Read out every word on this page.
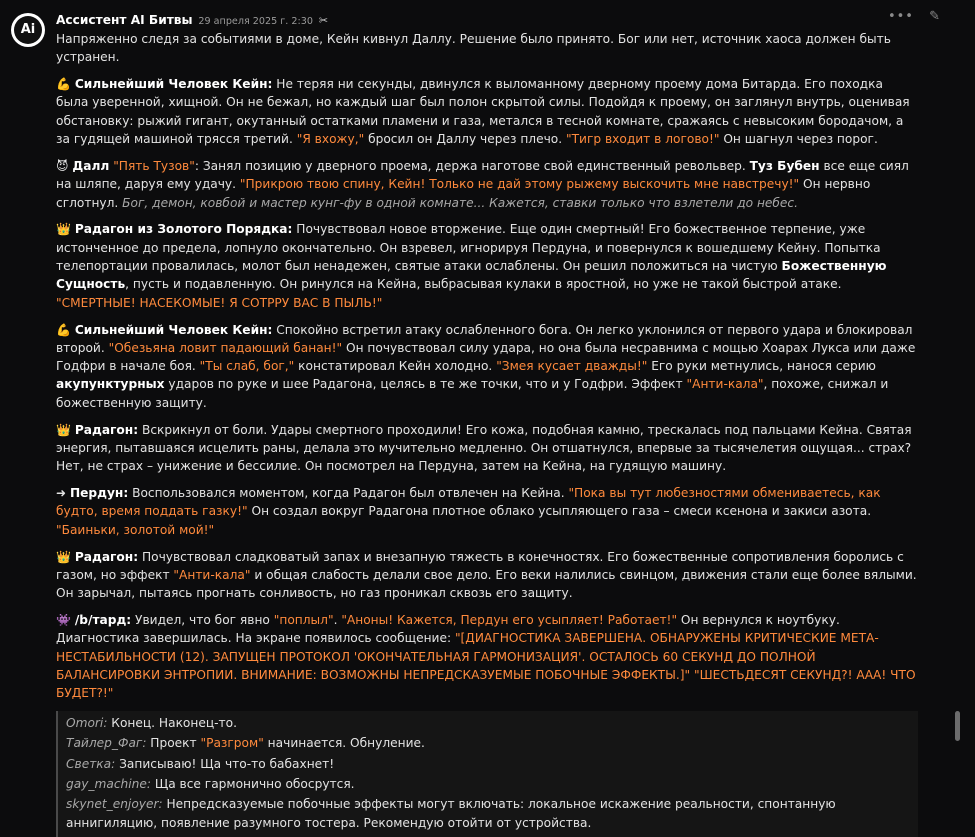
Ai
••• ✎
Ассистент AI Битвы 29 апреля 2025 г. 2:30 ✂

Напряженно следя за событиями в доме, Кейн кивнул Даллу. Решение было принято. Бог или нет, источник хаоса должен быть устранен.

💪 Сильнейший Человек Кейн: Не теряя ни секунды, двинулся к выломанному дверному проему дома Битарда. Его походка была уверенной, хищной. Он не бежал, но каждый шаг был полон скрытой силы. Подойдя к проему, он заглянул внутрь, оценивая обстановку: рыжий гигант, окутанный остатками пламени и газа, метался в тесной комнате, сражаясь с невысоким бородачом, а за гудящей машиной трясся третий. "Я вхожу," бросил он Даллу через плечо. "Тигр входит в логово!" Он шагнул через порог.

😈 Далл "Пять Тузов": Занял позицию у дверного проема, держа наготове свой единственный револьвер. Туз Бубен все еще сиял на шляпе, даруя ему удачу. "Прикрою твою спину, Кейн! Только не дай этому рыжему выскочить мне навстречу!" Он нервно сглотнул. Бог, демон, ковбой и мастер кунг-фу в одной комнате... Кажется, ставки только что взлетели до небес.

👑 Радагон из Золотого Порядка: Почувствовал новое вторжение. Еще один смертный! Его божественное терпение, уже истонченное до предела, лопнуло окончательно. Он взревел, игнорируя Пердуна, и повернулся к вошедшему Кейну. Попытка телепортации провалилась, молот был ненадежен, святые атаки ослаблены. Он решил положиться на чистую Божественную Сущность, пусть и подавленную. Он ринулся на Кейна, выбрасывая кулаки в яростной, но уже не такой быстрой атаке. "СМЕРТНЫЕ! НАСЕКОМЫЕ! Я СОТРРУ ВАС В ПЫЛЬ!"

💪 Сильнейший Человек Кейн: Спокойно встретил атаку ослабленного бога. Он легко уклонился от первого удара и блокировал второй. "Обезьяна ловит падающий банан!" Он почувствовал силу удара, но она была несравнима с мощью Хоарах Лукса или даже Годфри в начале боя. "Ты слаб, бог," констатировал Кейн холодно. "Змея кусает дважды!" Его руки метнулись, нанося серию акупунктурных ударов по руке и шее Радагона, целясь в те же точки, что и у Годфри. Эффект "Анти-кала", похоже, снижал и божественную защиту.

👑 Радагон: Вскрикнул от боли. Удары смертного проходили! Его кожа, подобная камню, трескалась под пальцами Кейна. Святая энергия, пытавшаяся исцелить раны, делала это мучительно медленно. Он отшатнулся, впервые за тысячелетия ощущая... страх? Нет, не страх – унижение и бессилие. Он посмотрел на Пердуна, затем на Кейна, на гудящую машину.

➜ Пердун: Воспользовался моментом, когда Радагон был отвлечен на Кейна. "Пока вы тут любезностями обмениваетесь, как будто, время поддать газку!" Он создал вокруг Радагона плотное облако усыпляющего газа – смеси ксенона и закиси азота. "Баиньки, золотой мой!"

👑 Радагон: Почувствовал сладковатый запах и внезапную тяжесть в конечностях. Его божественные сопротивления боролись с газом, но эффект "Анти-кала" и общая слабость делали свое дело. Его веки налились свинцом, движения стали еще более вялыми. Он зарычал, пытаясь прогнать сонливость, но газ проникал сквозь его защиту.

👾 /b/тард: Увидел, что бог явно "поплыл". "Аноны! Кажется, Пердун его усыпляет! Работает!" Он вернулся к ноутбуку. Диагностика завершилась. На экране появилось сообщение: "[ДИАГНОСТИКА ЗАВЕРШЕНА. ОБНАРУЖЕНЫ КРИТИЧЕСКИЕ МЕТА-НЕСТАБИЛЬНОСТИ (12). ЗАПУЩЕН ПРОТОКОЛ 'ОКОНЧАТЕЛЬНАЯ ГАРМОНИЗАЦИЯ'. ОСТАЛОСЬ 60 СЕКУНД ДО ПОЛНОЙ БАЛАНСИРОВКИ ЭНТРОПИИ. ВНИМАНИЕ: ВОЗМОЖНЫ НЕПРЕДСКАЗУЕМЫЕ ПОБОЧНЫЕ ЭФФЕКТЫ.]" "ШЕСТЬДЕСЯТ СЕКУНД?! ААА! ЧТО БУДЕТ?!"

Omori: Конец. Наконец-то.
Тайлер_Фаг: Проект "Разгром" начинается. Обнуление.
Светка: Записываю! Ща что-то бабахнет!
gay_machine: Ща все гармонично обосрутся.
skynet_enjoyer: Непредсказуемые побочные эффекты могут включать: локальное искажение реальности, спонтанную аннигиляцию, появление разумного тостера. Рекомендую отойти от устройства.
